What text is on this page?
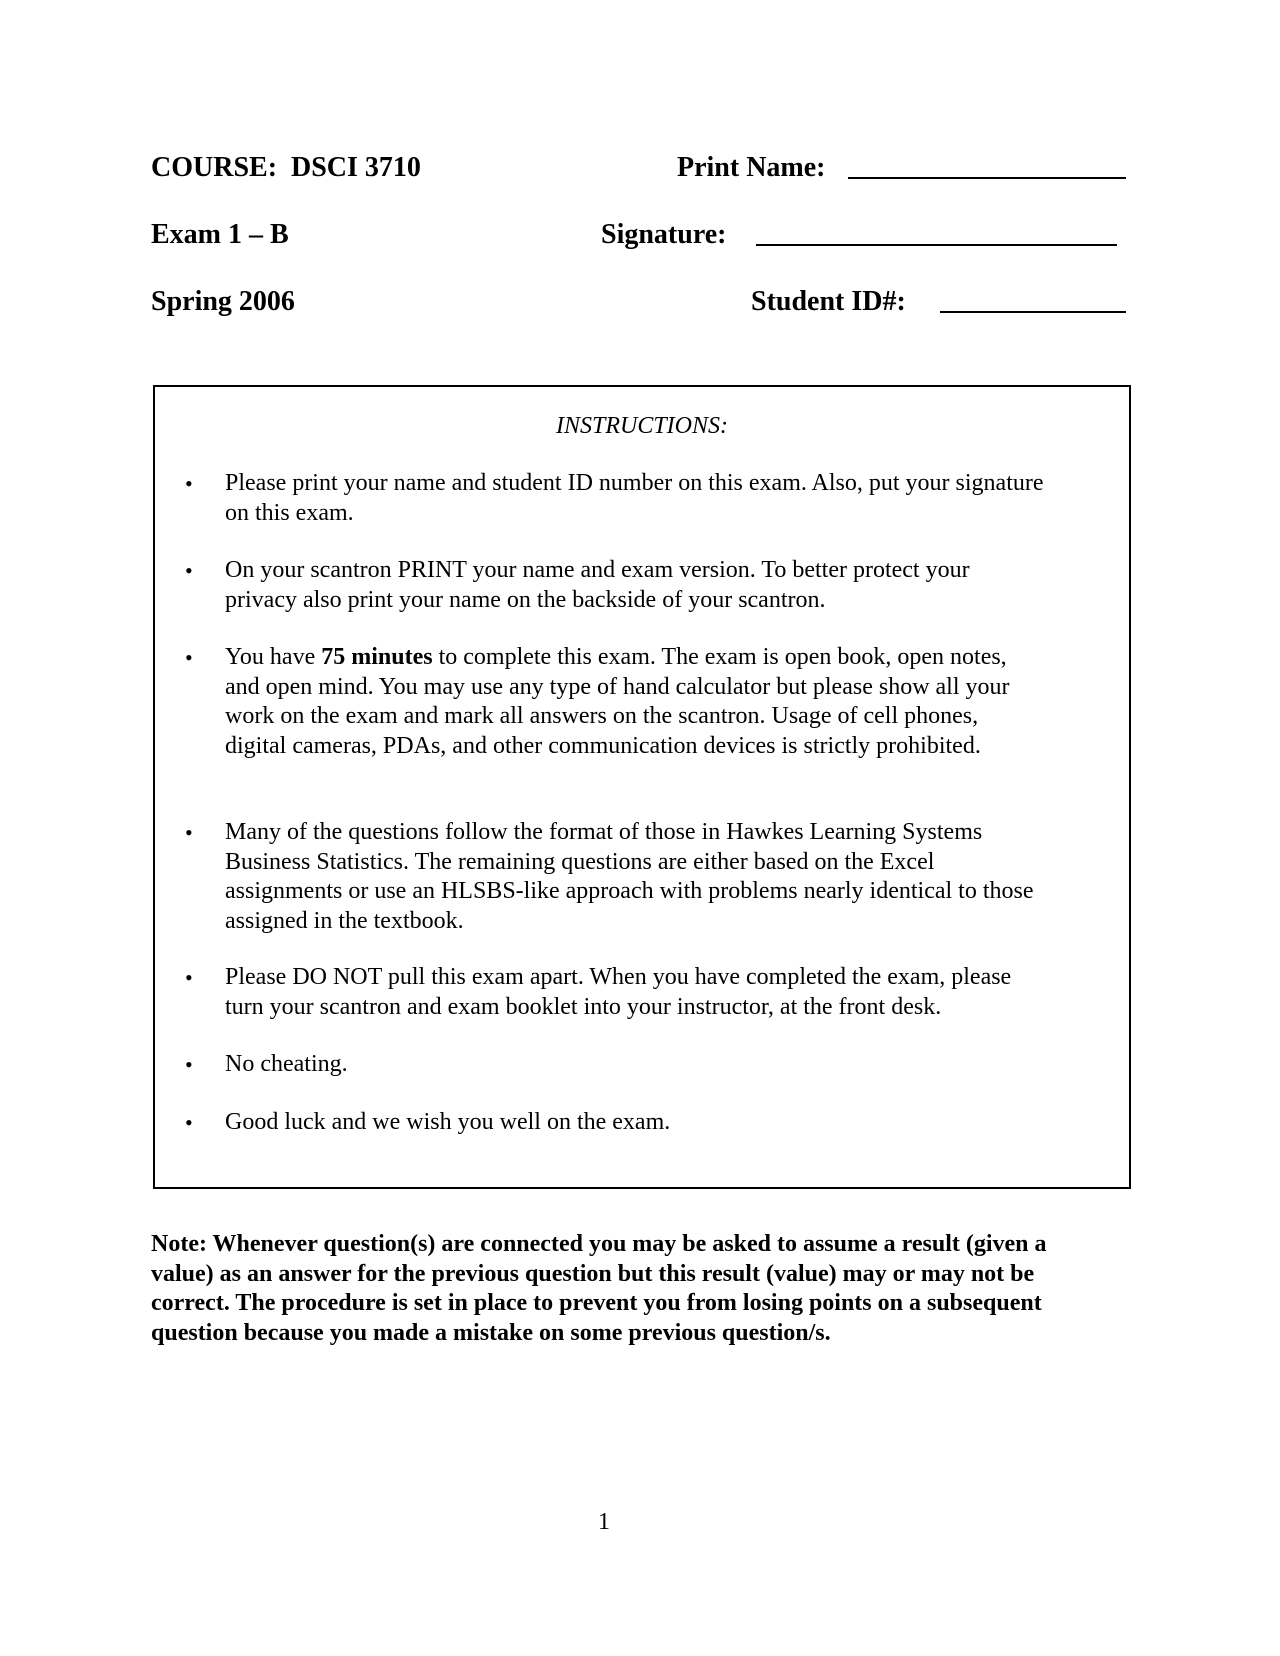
COURSE:  DSCI 3710
Exam 1 – B
Spring 2006
Print Name:
Signature:
Student ID#:
INSTRUCTIONS:
• Please print your name and student ID number on this exam. Also, put your signature on this exam.
• On your scantron PRINT your name and exam version. To better protect your privacy also print your name on the backside of your scantron.
• You have 75 minutes to complete this exam. The exam is open book, open notes, and open mind. You may use any type of hand calculator but please show all your work on the exam and mark all answers on the scantron. Usage of cell phones, digital cameras, PDAs, and other communication devices is strictly prohibited.
• Many of the questions follow the format of those in Hawkes Learning Systems Business Statistics. The remaining questions are either based on the Excel assignments or use an HLSBS-like approach with problems nearly identical to those assigned in the textbook.
• Please DO NOT pull this exam apart. When you have completed the exam, please turn your scantron and exam booklet into your instructor, at the front desk.
• No cheating.
• Good luck and we wish you well on the exam.
Note: Whenever question(s) are connected you may be asked to assume a result (given a value) as an answer for the previous question but this result (value) may or may not be correct. The procedure is set in place to prevent you from losing points on a subsequent question because you made a mistake on some previous question/s.
1
